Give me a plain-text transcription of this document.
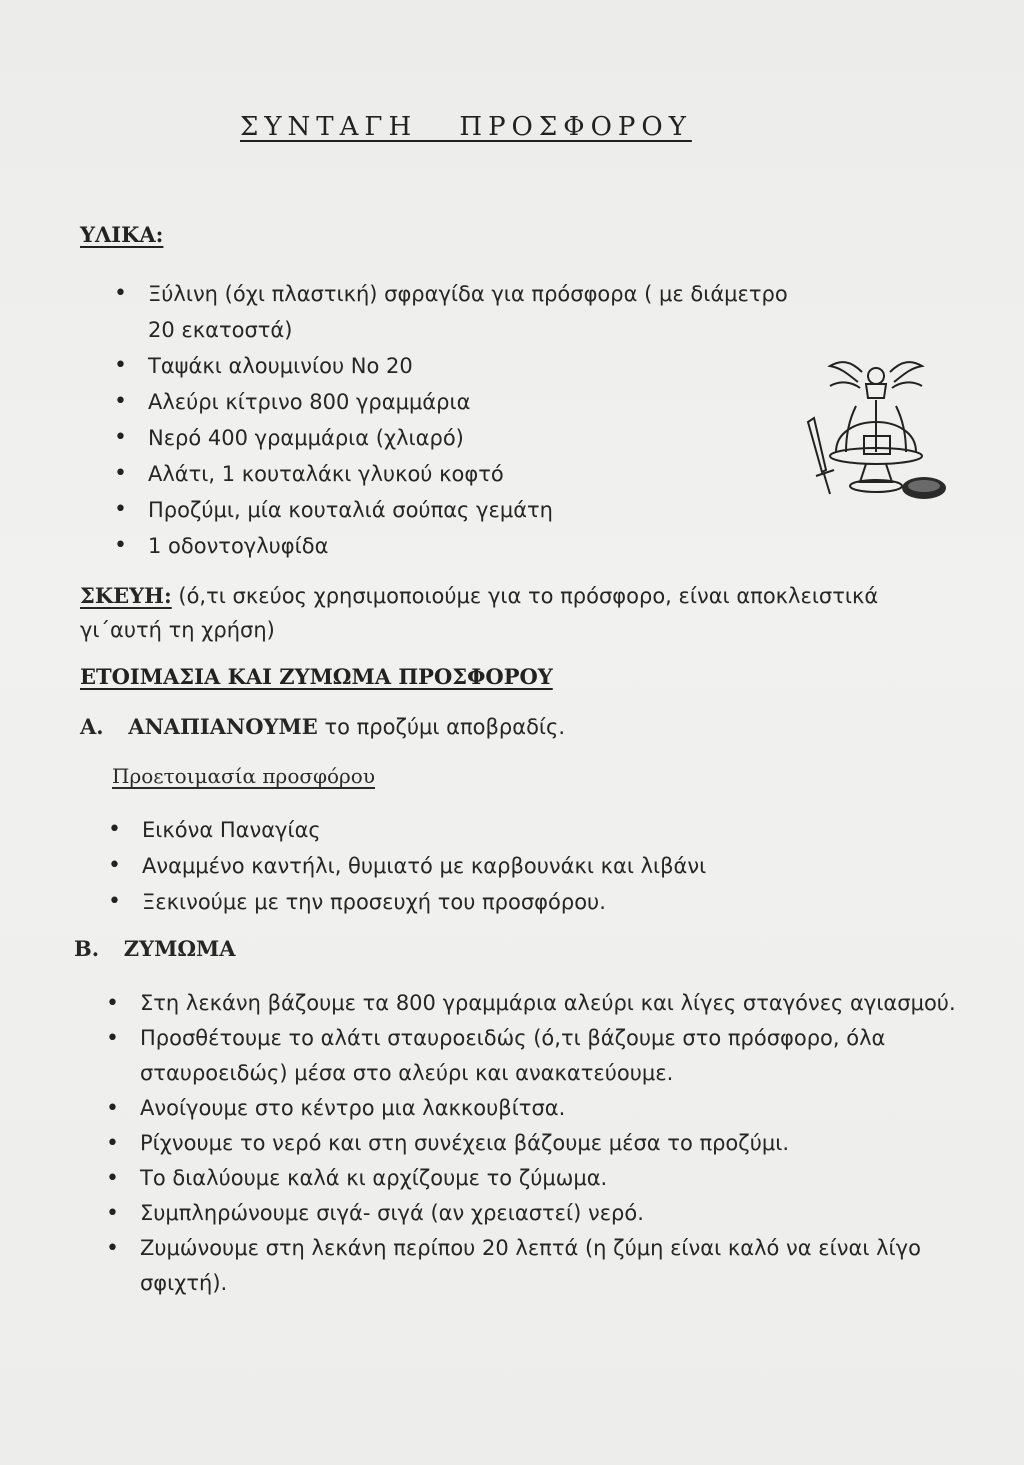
ΣΥΝΤΑΓΗ ΠΡΟΣΦΟΡΟΥ
ΥΛΙΚΑ:
• Ξύλινη (όχι πλαστική) σφραγίδα για πρόσφορα ( με διάμετρο 20 εκατοστά)
• Ταψάκι αλουμινίου Νο 20
• Αλεύρι κίτρινο 800 γραμμάρια
• Νερό 400 γραμμάρια (χλιαρό)
• Αλάτι, 1 κουταλάκι γλυκού κοφτό
• Προζύμι, μία κουταλιά σούπας γεμάτη
• 1 οδοντογλυφίδα
ΣΚΕΥΗ: (ό,τι σκεύος χρησιμοποιούμε για το πρόσφορο, είναι αποκλειστικά γι΄αυτή τη χρήση)
ΕΤΟΙΜΑΣΙΑ ΚΑΙ ΖΥΜΩΜΑ ΠΡΟΣΦΟΡΟΥ
Α. ΑΝΑΠΙΑΝΟΥΜΕ το προζύμι αποβραδίς.
Προετοιμασία προσφόρου
• Εικόνα Παναγίας
• Αναμμένο καντήλι, θυμιατό με καρβουνάκι και λιβάνι
• Ξεκινούμε με την προσευχή του προσφόρου.
Β. ΖΥΜΩΜΑ
• Στη λεκάνη βάζουμε τα 800 γραμμάρια αλεύρι και λίγες σταγόνες αγιασμού.
• Προσθέτουμε το αλάτι σταυροειδώς (ό,τι βάζουμε στο πρόσφορο, όλα σταυροειδώς) μέσα στο αλεύρι και ανακατεύουμε.
• Ανοίγουμε στο κέντρο μια λακκουβίτσα.
• Ρίχνουμε το νερό και στη συνέχεια βάζουμε μέσα το προζύμι.
• Το διαλύουμε καλά κι αρχίζουμε το ζύμωμα.
• Συμπληρώνουμε σιγά- σιγά (αν χρειαστεί) νερό.
• Ζυμώνουμε στη λεκάνη περίπου 20 λεπτά (η ζύμη είναι καλό να είναι λίγο σφιχτή).
